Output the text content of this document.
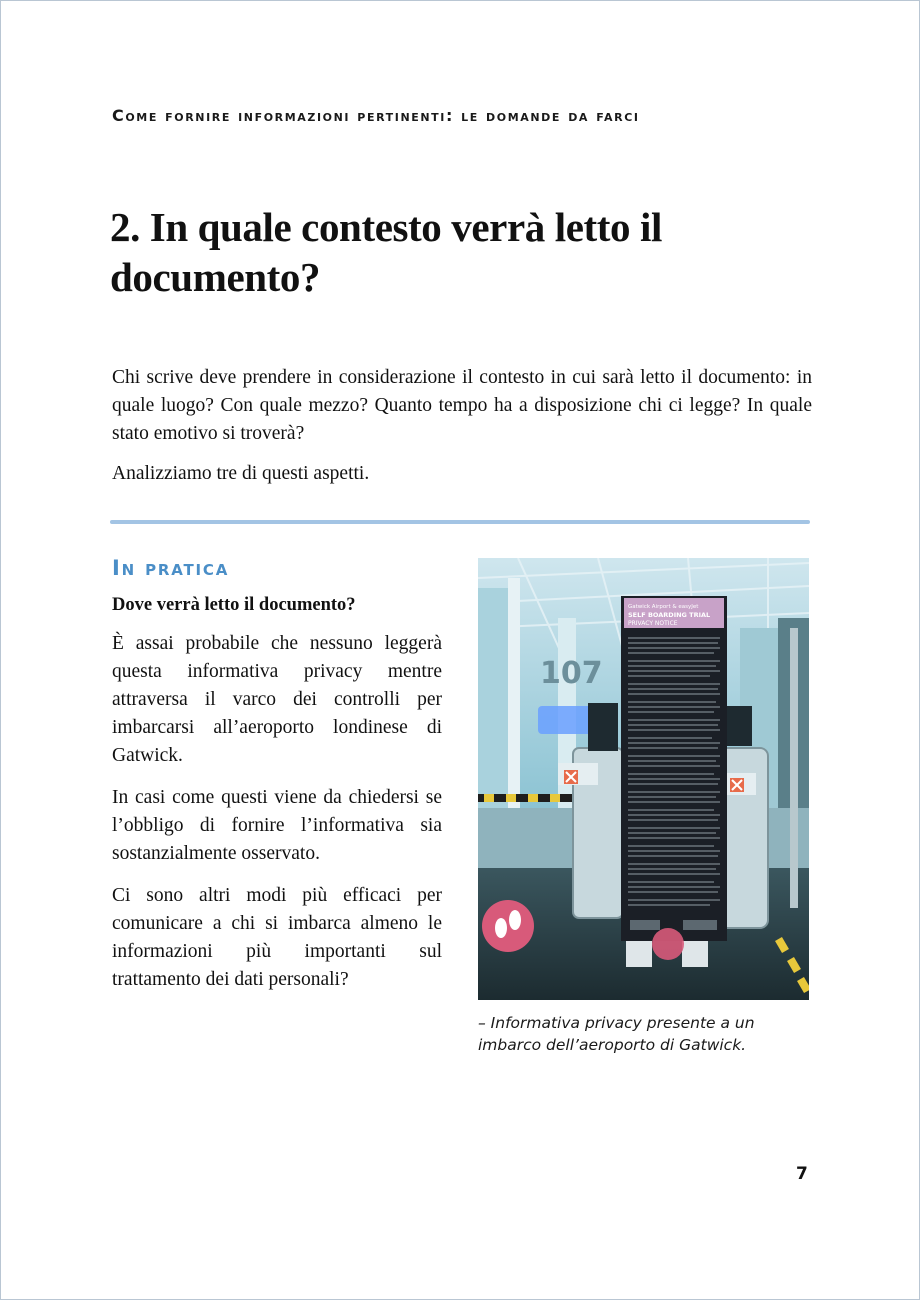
Come fornire informazioni pertinenti: le domande da farci
2. In quale contesto verrà letto il documento?

Chi scrive deve prendere in considerazione il contesto in cui sarà letto il documento: in quale luogo? Con quale mezzo? Quanto tempo ha a disposizione chi ci legge? In quale stato emotivo si troverà?

Analizziamo tre di questi aspetti.

In pratica

Dove verrà letto il documento?

È assai probabile che nessuno leggerà questa informativa privacy mentre attraversa il varco dei controlli per imbarcarsi all’aeroporto londinese di Gatwick.

In casi come questi viene da chiedersi se l’obbligo di fornire l’informativa sia sostanzialmente osservato.

Ci sono altri modi più efficaci per comunicare a chi si imbarca almeno le informazioni più importanti sul trattamento dei dati personali?

107
Gatwick Airport & easyJet
SELF BOARDING TRIAL
PRIVACY NOTICE

– Informativa privacy presente a un imbarco dell’aeroporto di Gatwick.

7
